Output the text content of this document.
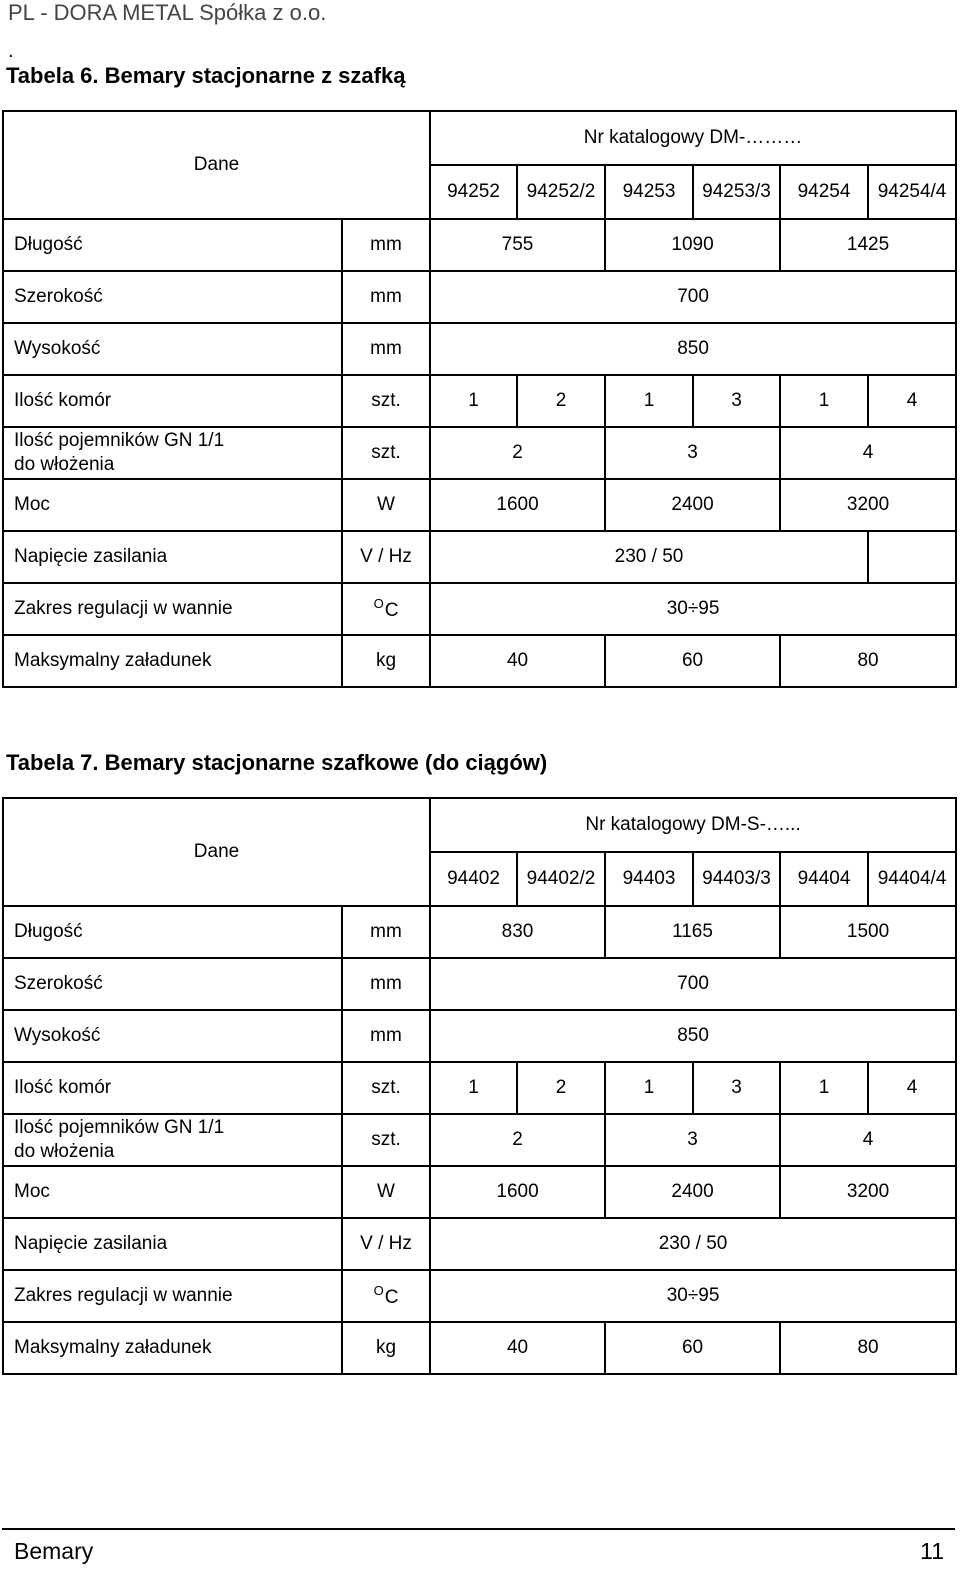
PL - DORA METAL Spółka z o.o.
.
Tabela 6. Bemary stacjonarne z szafką
Dane		Nr katalogowy DM-………					
		94252	94252/2	94253	94253/3	94254	94254/4
Długość	mm	755		1090		1425	
Szerokość	mm	700					
Wysokość	mm	850					
Ilość komór	szt.	1	2	1	3	1	4
Ilość pojemników GN 1/1
do włożenia	szt.	2		3		4	
Moc	W	1600		2400		3200	
Napięcie zasilania	V / Hz	230 / 50					
Zakres regulacji w wannie	$^O$C	30÷95					
Maksymalny załadunek	kg	40		60		80	
Tabela 7. Bemary stacjonarne szafkowe (do ciągów)
Dane		Nr katalogowy DM-S-…...					
		94402	94402/2	94403	94403/3	94404	94404/4
Długość	mm	830		1165		1500	
Szerokość	mm	700					
Wysokość	mm	850					
Ilość komór	szt.	1	2	1	3	1	4
Ilość pojemników GN 1/1
do włożenia	szt.	2		3		4	
Moc	W	1600		2400		3200	
Napięcie zasilania	V / Hz	230 / 50					
Zakres regulacji w wannie	$^O$C	30÷95					
Maksymalny załadunek	kg	40		60		80	
Bemary	11
